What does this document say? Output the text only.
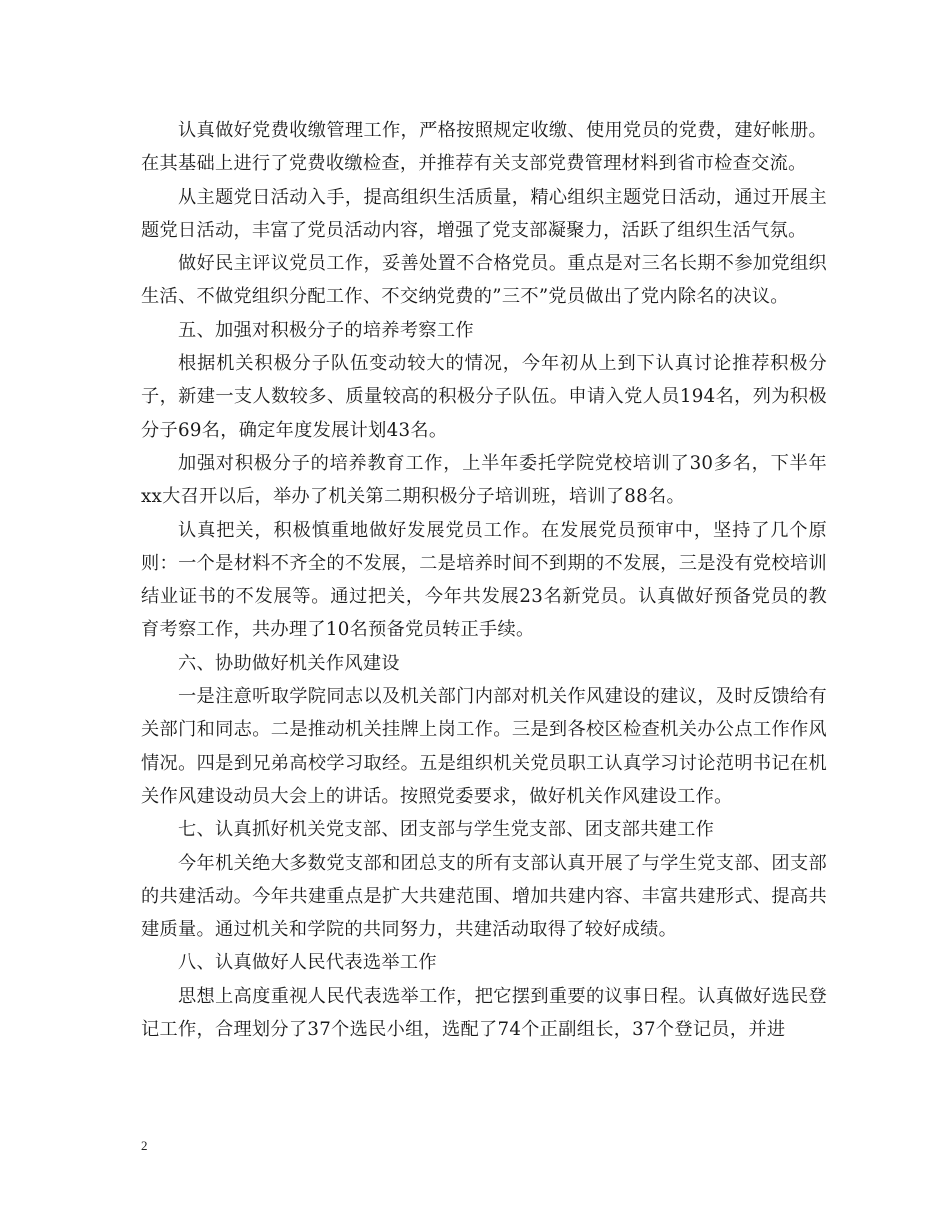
认真做好党费收缴管理工作，严格按照规定收缴、使用党员的党费，建好帐册。在其基础上进行了党费收缴检查，并推荐有关支部党费管理材料到省市检查交流。

从主题党日活动入手，提高组织生活质量，精心组织主题党日活动，通过开展主题党日活动，丰富了党员活动内容，增强了党支部凝聚力，活跃了组织生活气氛。

做好民主评议党员工作，妥善处置不合格党员。重点是对三名长期不参加党组织生活、不做党组织分配工作、不交纳党费的”三不”党员做出了党内除名的决议。

五、加强对积极分子的培养考察工作

根据机关积极分子队伍变动较大的情况，今年初从上到下认真讨论推荐积极分子，新建一支人数较多、质量较高的积极分子队伍。申请入党人员194名，列为积极分子69名，确定年度发展计划43名。

加强对积极分子的培养教育工作，上半年委托学院党校培训了30多名，下半年xx大召开以后，举办了机关第二期积极分子培训班，培训了88名。

认真把关，积极慎重地做好发展党员工作。在发展党员预审中，坚持了几个原则：一个是材料不齐全的不发展，二是培养时间不到期的不发展，三是没有党校培训结业证书的不发展等。通过把关，今年共发展23名新党员。认真做好预备党员的教育考察工作，共办理了10名预备党员转正手续。

六、协助做好机关作风建设

一是注意听取学院同志以及机关部门内部对机关作风建设的建议，及时反馈给有关部门和同志。二是推动机关挂牌上岗工作。三是到各校区检查机关办公点工作作风情况。四是到兄弟高校学习取经。五是组织机关党员职工认真学习讨论范明书记在机关作风建设动员大会上的讲话。按照党委要求，做好机关作风建设工作。

七、认真抓好机关党支部、团支部与学生党支部、团支部共建工作

今年机关绝大多数党支部和团总支的所有支部认真开展了与学生党支部、团支部的共建活动。今年共建重点是扩大共建范围、增加共建内容、丰富共建形式、提高共建质量。通过机关和学院的共同努力，共建活动取得了较好成绩。

八、认真做好人民代表选举工作

思想上高度重视人民代表选举工作，把它摆到重要的议事日程。认真做好选民登记工作，合理划分了37个选民小组，选配了74个正副组长，37个登记员，并进

2
